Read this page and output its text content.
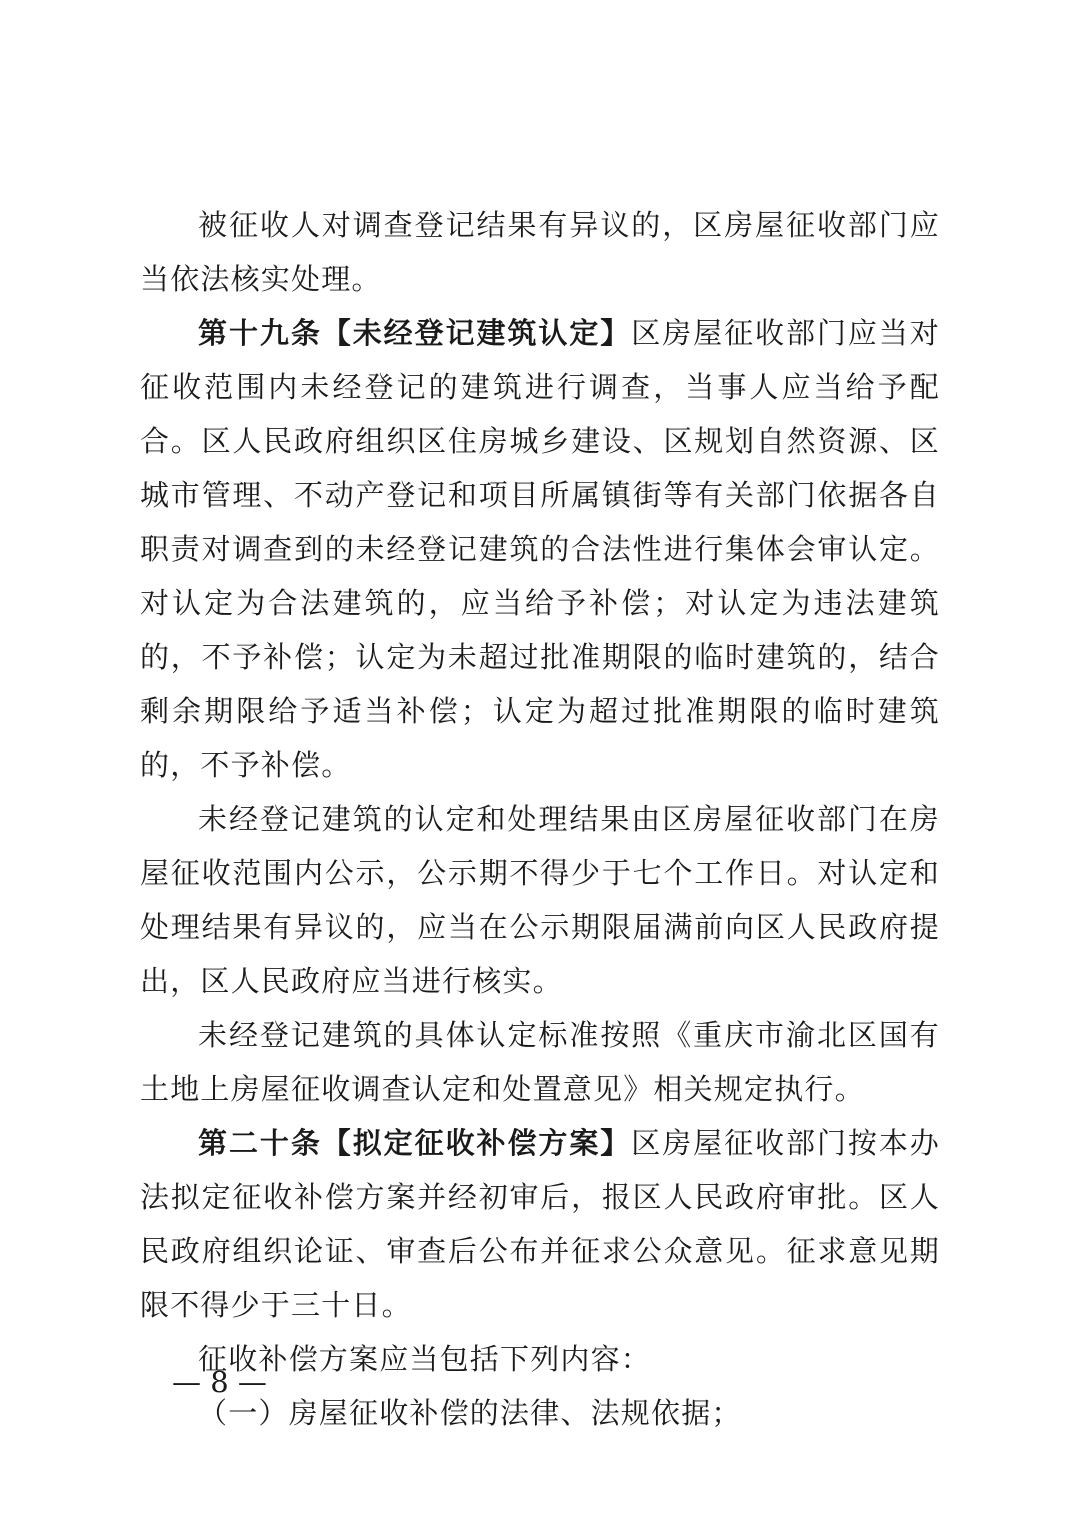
被征收人对调查登记结果有异议的，区房屋征收部门应当依法核实处理。

第十九条【未经登记建筑认定】区房屋征收部门应当对征收范围内未经登记的建筑进行调查，当事人应当给予配合。区人民政府组织区住房城乡建设、区规划自然资源、区城市管理、不动产登记和项目所属镇街等有关部门依据各自职责对调查到的未经登记建筑的合法性进行集体会审认定。对认定为合法建筑的，应当给予补偿；对认定为违法建筑的，不予补偿；认定为未超过批准期限的临时建筑的，结合剩余期限给予适当补偿；认定为超过批准期限的临时建筑的，不予补偿。

未经登记建筑的认定和处理结果由区房屋征收部门在房屋征收范围内公示，公示期不得少于七个工作日。对认定和处理结果有异议的，应当在公示期限届满前向区人民政府提出，区人民政府应当进行核实。

未经登记建筑的具体认定标准按照《重庆市渝北区国有土地上房屋征收调查认定和处置意见》相关规定执行。

第二十条【拟定征收补偿方案】区房屋征收部门按本办法拟定征收补偿方案并经初审后，报区人民政府审批。区人民政府组织论证、审查后公布并征求公众意见。征求意见期限不得少于三十日。

征收补偿方案应当包括下列内容：

（一）房屋征收补偿的法律、法规依据；

— 8 —
